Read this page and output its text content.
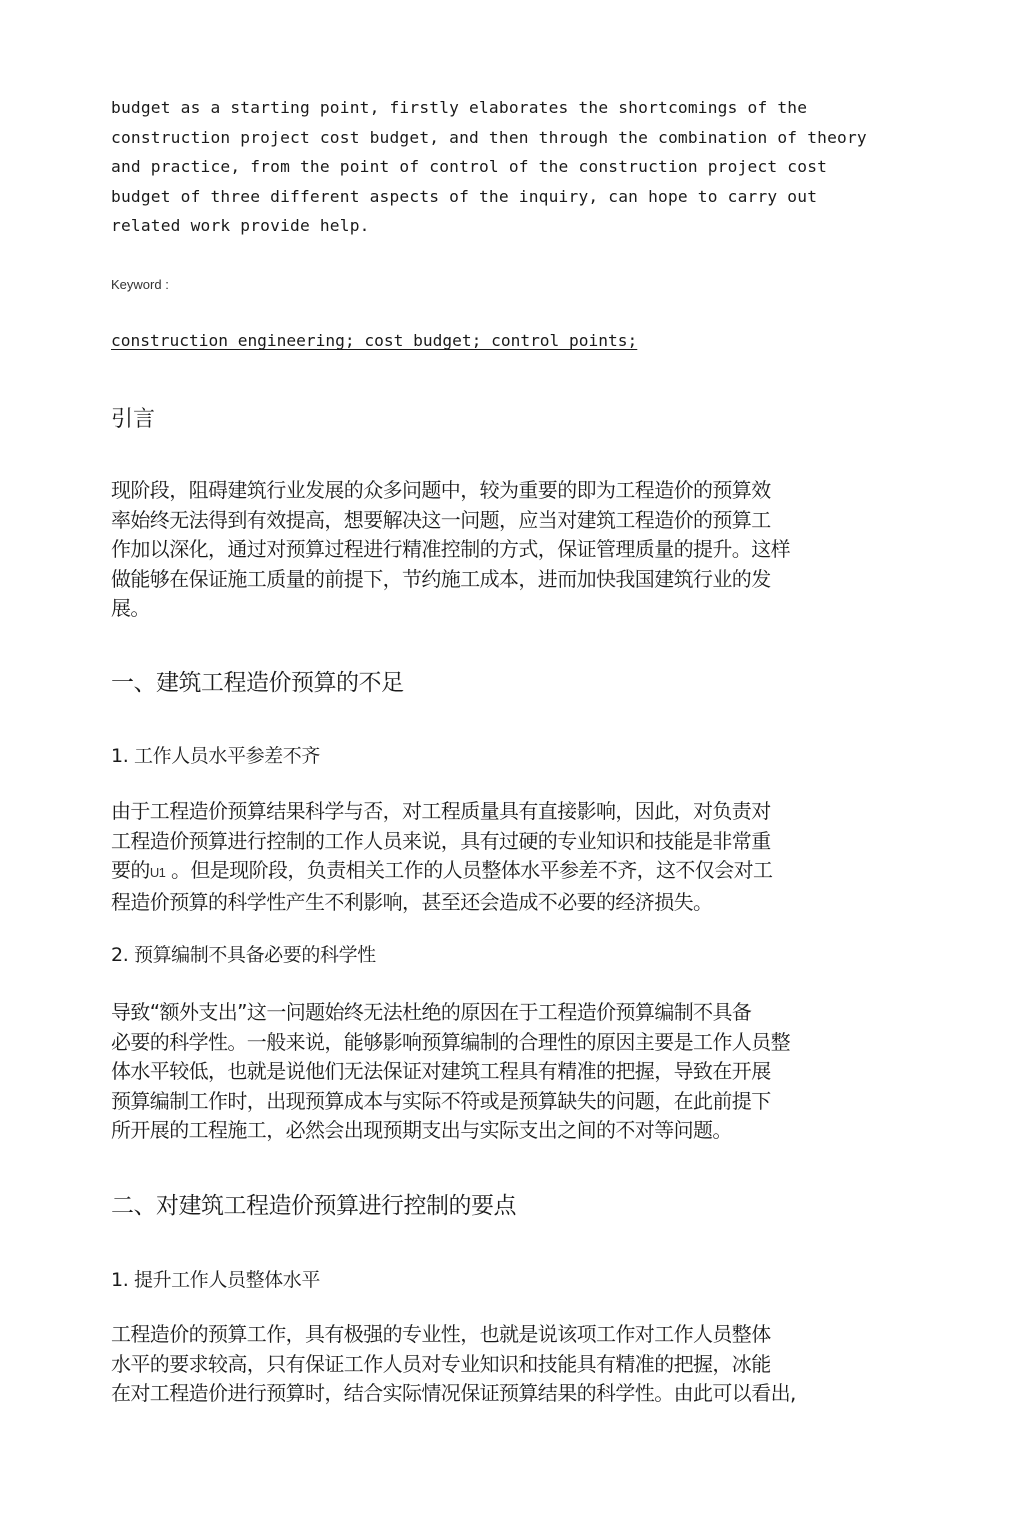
budget as a starting point, firstly elaborates the shortcomings of the
construction project cost budget, and then through the combination of theory
and practice, from the point of control of the construction project cost
budget of three different aspects of the inquiry, can hope to carry out
related work provide help.

Keyword :

construction engineering; cost budget; control points;

引言
现阶段，阻碍建筑行业发展的众多问题中，较为重要的即为工程造价的预算效
率始终无法得到有效提高，想要解决这一问题，应当对建筑工程造价的预算工
作加以深化，通过对预算过程进行精准控制的方式，保证管理质量的提升。这样
做能够在保证施工质量的前提下，节约施工成本，进而加快我国建筑行业的发
展。
一、建筑工程造价预算的不足
1. 工作人员水平参差不齐
由于工程造价预算结果科学与否，对工程质量具有直接影响，因此，对负责对
工程造价预算进行控制的工作人员来说，具有过硬的专业知识和技能是非常重
要的U1 。但是现阶段，负责相关工作的人员整体水平参差不齐，这不仅会对工
程造价预算的科学性产生不利影响，甚至还会造成不必要的经济损失。
2. 预算编制不具备必要的科学性
导致“额外支出”这一问题始终无法杜绝的原因在于工程造价预算编制不具备
必要的科学性。一般来说，能够影响预算编制的合理性的原因主要是工作人员整
体水平较低，也就是说他们无法保证对建筑工程具有精准的把握，导致在开展
预算编制工作时，出现预算成本与实际不符或是预算缺失的问题，在此前提下
所开展的工程施工，必然会出现预期支出与实际支出之间的不对等问题。
二、对建筑工程造价预算进行控制的要点
1. 提升工作人员整体水平
工程造价的预算工作，具有极强的专业性，也就是说该项工作对工作人员整体
水平的要求较高，只有保证工作人员对专业知识和技能具有精准的把握，冰能
在对工程造价进行预算时，结合实际情况保证预算结果的科学性。由此可以看出,
